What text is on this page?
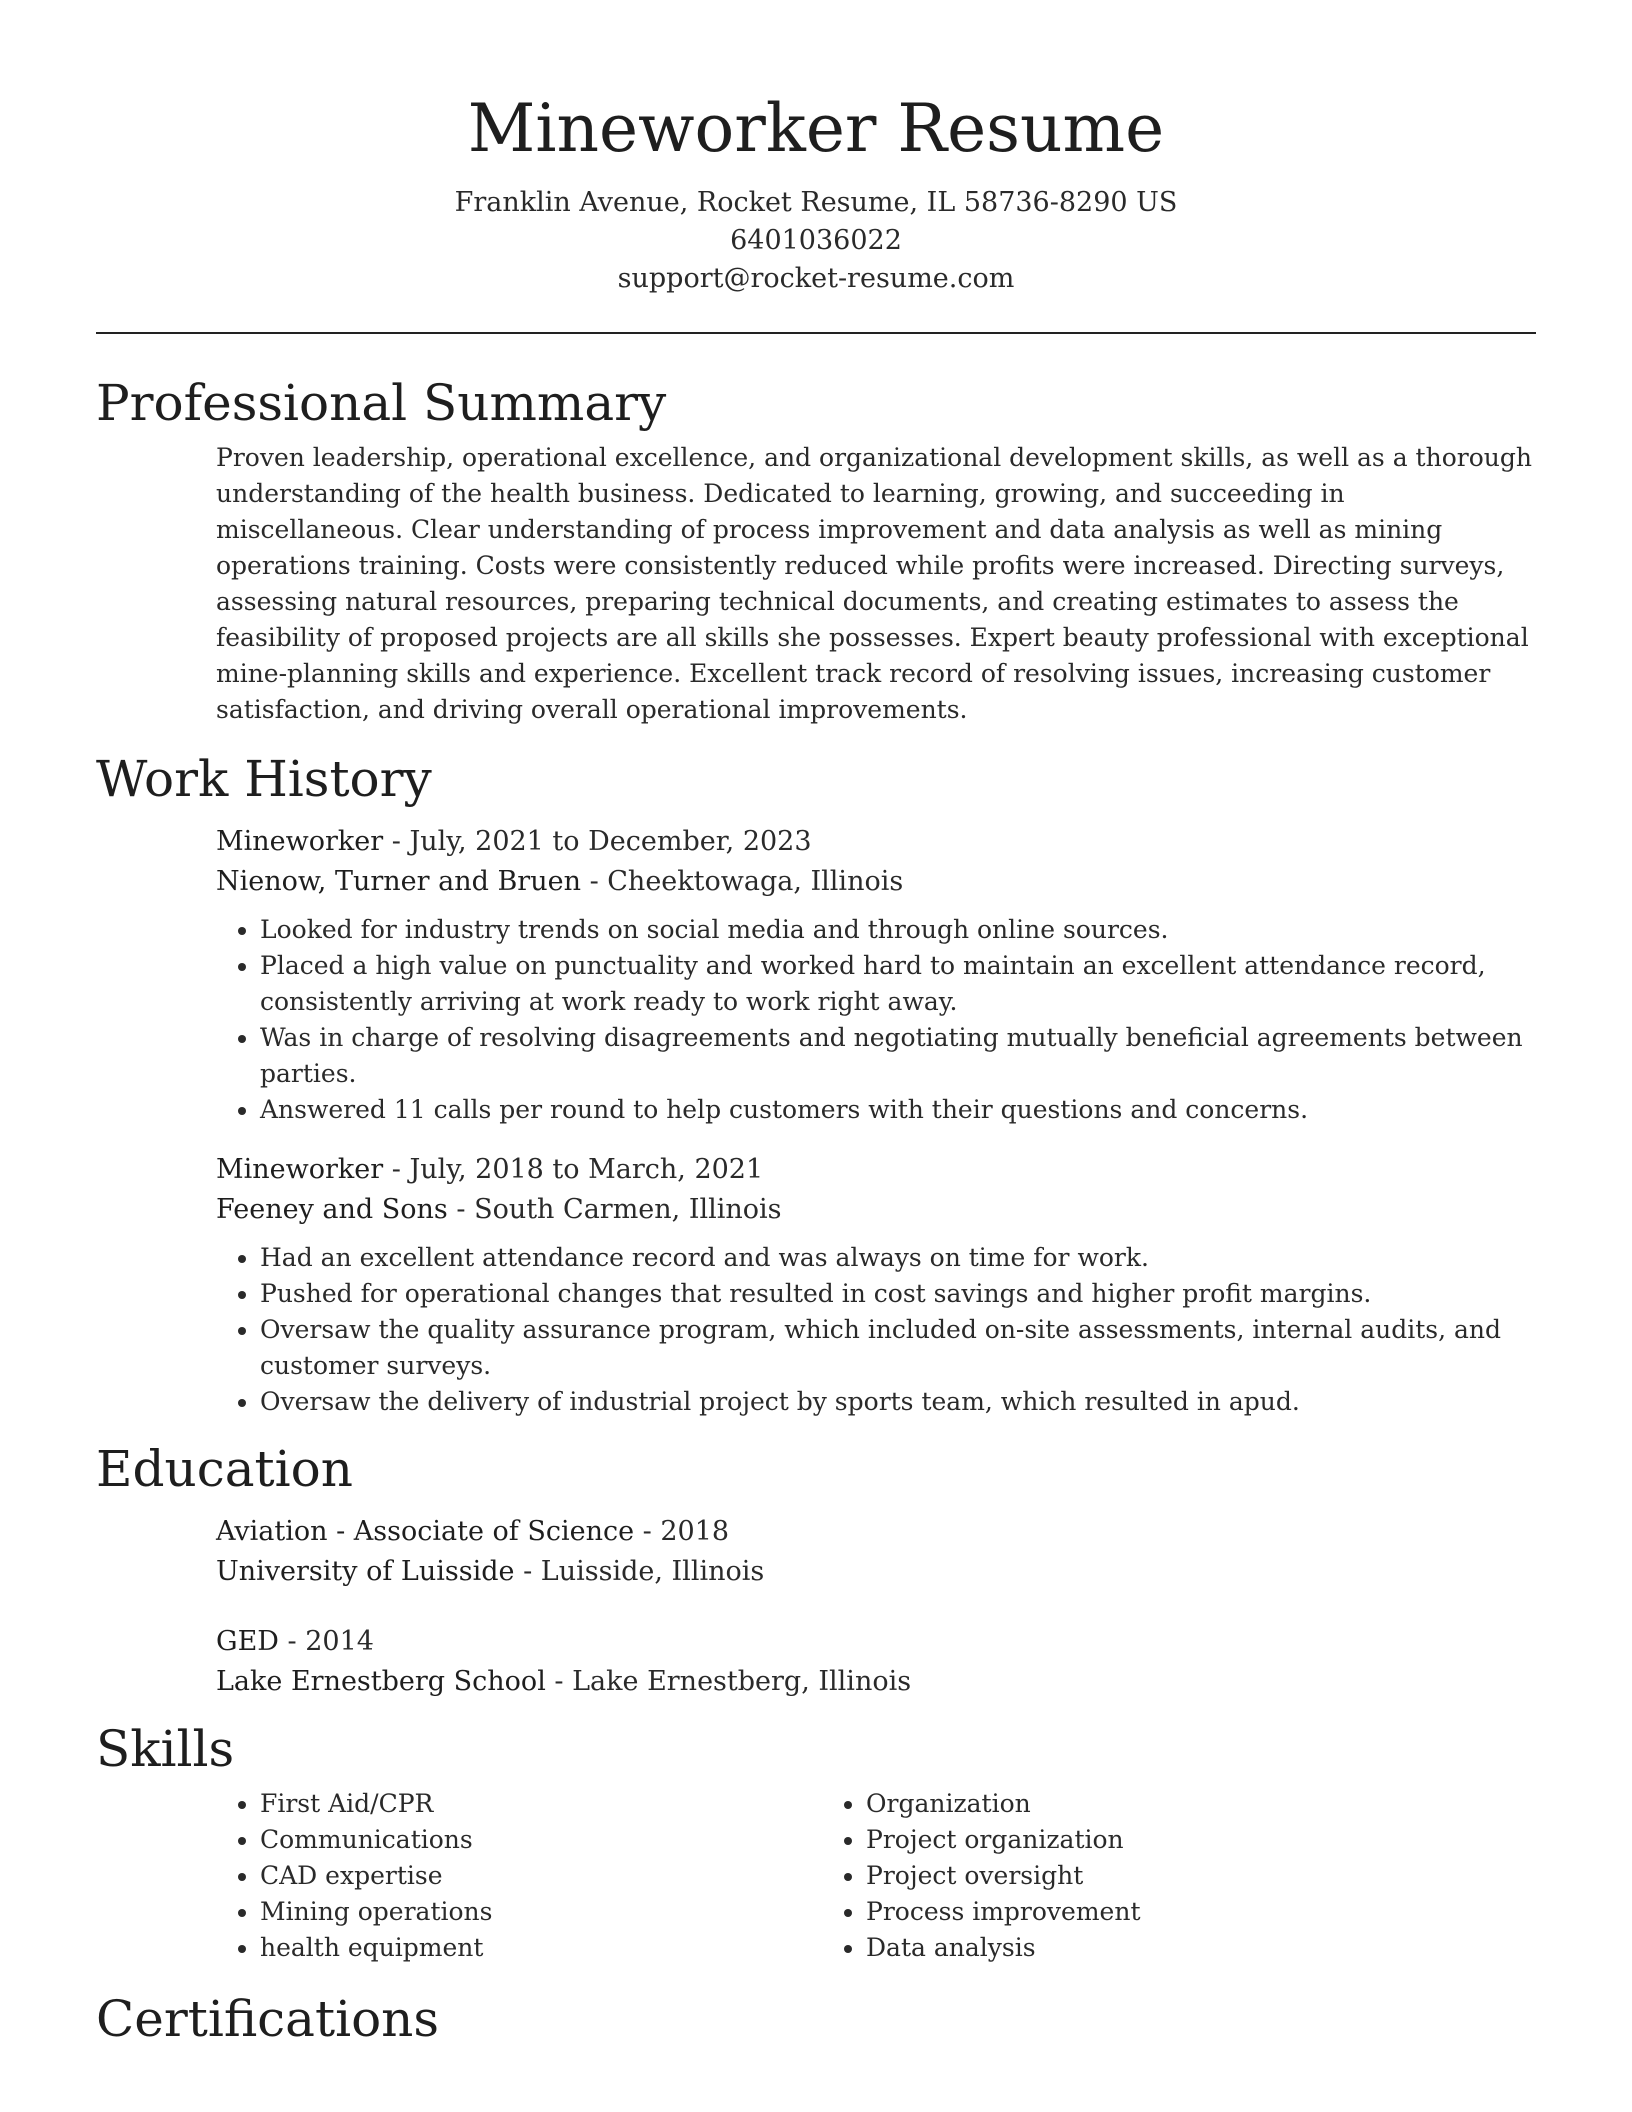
Mineworker Resume
Franklin Avenue, Rocket Resume, IL 58736-8290 US
6401036022
support@rocket-resume.com
Professional Summary

Proven leadership, operational excellence, and organizational development skills, as well as a thorough understanding of the health business. Dedicated to learning, growing, and succeeding in miscellaneous. Clear understanding of process improvement and data analysis as well as mining operations training. Costs were consistently reduced while profits were increased. Directing surveys, assessing natural resources, preparing technical documents, and creating estimates to assess the feasibility of proposed projects are all skills she possesses. Expert beauty professional with exceptional mine-planning skills and experience. Excellent track record of resolving issues, increasing customer satisfaction, and driving overall operational improvements.

Work History

Mineworker - July, 2021 to December, 2023

Nienow, Turner and Bruen - Cheektowaga, Illinois

• Looked for industry trends on social media and through online sources.
• Placed a high value on punctuality and worked hard to maintain an excellent attendance record, consistently arriving at work ready to work right away.
• Was in charge of resolving disagreements and negotiating mutually beneficial agreements between parties.
• Answered 11 calls per round to help customers with their questions and concerns.

Mineworker - July, 2018 to March, 2021

Feeney and Sons - South Carmen, Illinois

• Had an excellent attendance record and was always on time for work.
• Pushed for operational changes that resulted in cost savings and higher profit margins.
• Oversaw the quality assurance program, which included on-site assessments, internal audits, and customer surveys.
• Oversaw the delivery of industrial project by sports team, which resulted in apud.
Education

Aviation - Associate of Science - 2018

University of Luisside - Luisside, Illinois

GED - 2014

Lake Ernestberg School - Lake Ernestberg, Illinois

Skills
• First Aid/CPR
• Communications
• CAD expertise
• Mining operations
• health equipment
• Organization
• Project organization
• Project oversight
• Process improvement
• Data analysis
Certifications
